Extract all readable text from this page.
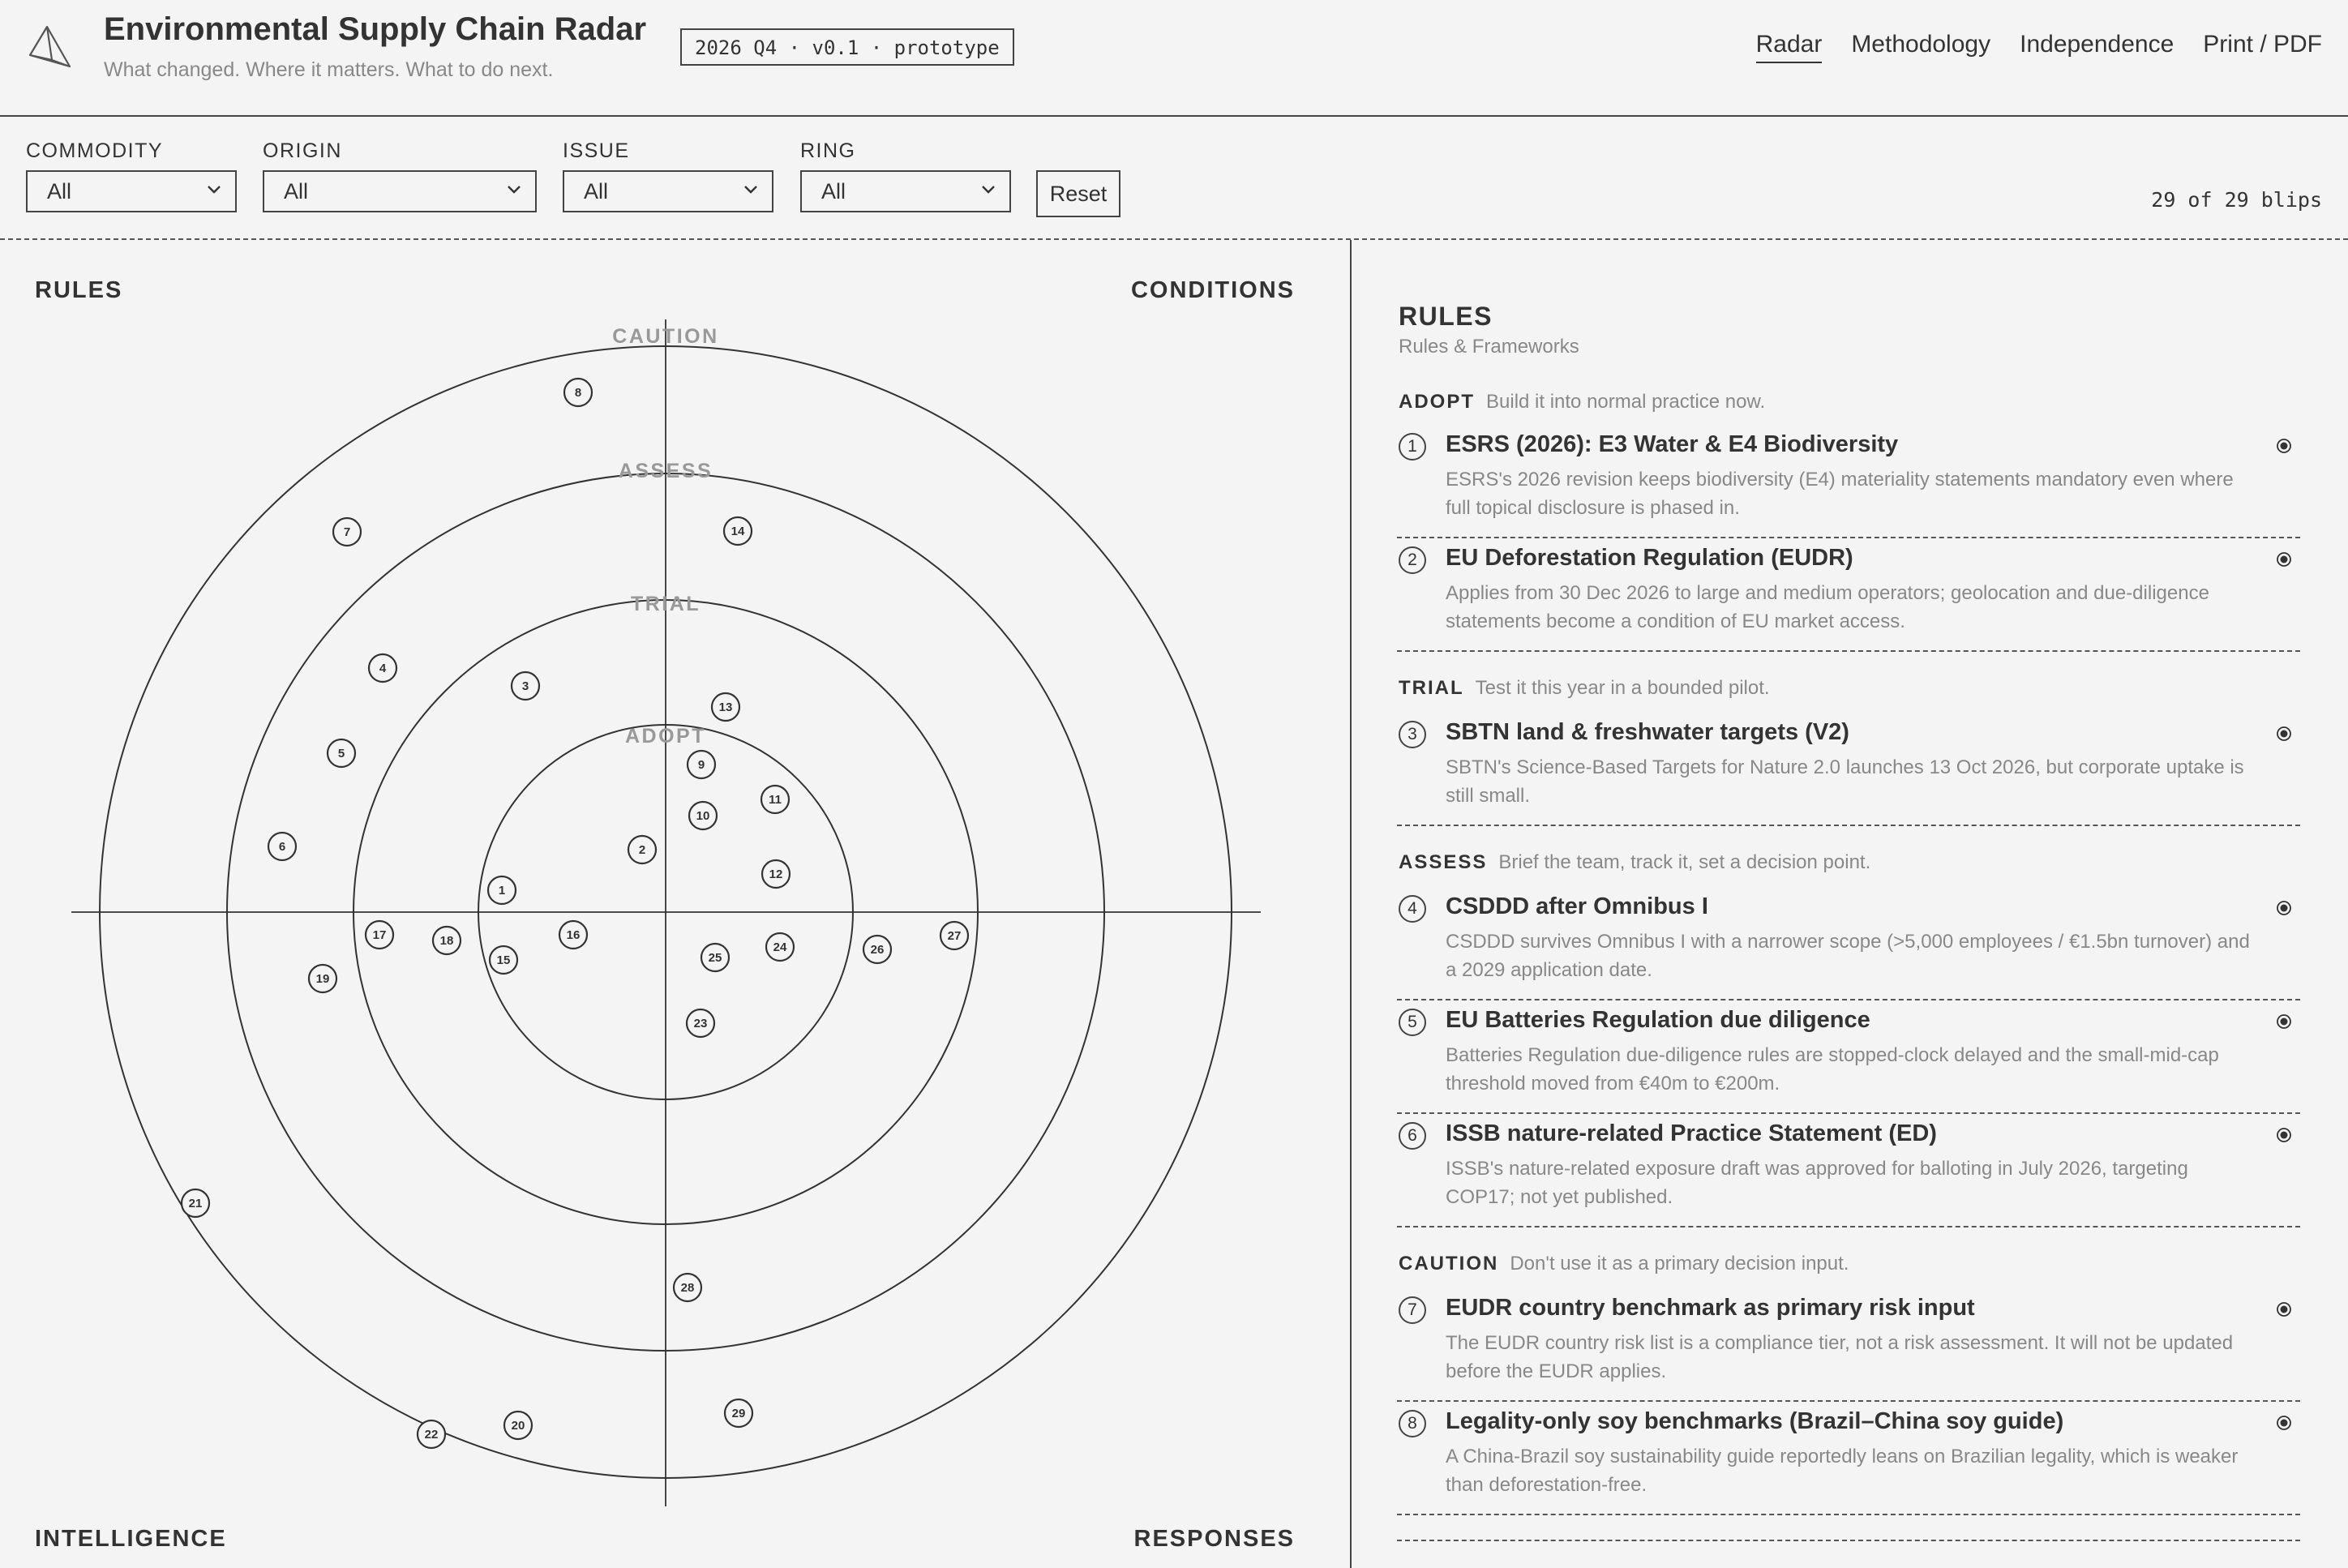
Environmental Supply Chain Radar
What changed. Where it matters. What to do next.
2026 Q4 · v0.1 · prototype	Radar Methodology Independence Print / PDF
COMMODITY
All
ORIGIN
All
ISSUE
All
RING
All	Reset	29 of 29 blips
RULES	CONDITIONS
INTELLIGENCE	RESPONSES
ADOPT
TRIAL
ASSESS
CAUTION
1
2
3
4
5
6
7
8
9
10
11
12
13
14
15
16
17	18
19
20
21
22
23
24
25
26
27
28
29
RULES
Rules & Frameworks
ADOPT Build it into normal practice now.
1	ESRS (2026): E3 Water & E4 Biodiversity
ESRS's 2026 revision keeps biodiversity (E4) materiality statements mandatory even where full topical disclosure is phased in.
2	EU Deforestation Regulation (EUDR)
Applies from 30 Dec 2026 to large and medium operators; geolocation and due-diligence statements become a condition of EU market access.
TRIAL Test it this year in a bounded pilot.
3	SBTN land & freshwater targets (V2)
SBTN's Science-Based Targets for Nature 2.0 launches 13 Oct 2026, but corporate uptake is still small.
ASSESS Brief the team, track it, set a decision point.
4	CSDDD after Omnibus I
CSDDD survives Omnibus I with a narrower scope (>5,000 employees / €1.5bn turnover) and a 2029 application date.
5	EU Batteries Regulation due diligence
Batteries Regulation due-diligence rules are stopped-clock delayed and the small-mid-cap threshold moved from €40m to €200m.
6	ISSB nature-related Practice Statement (ED)
ISSB's nature-related exposure draft was approved for balloting in July 2026, targeting COP17; not yet published.
CAUTION Don't use it as a primary decision input.
7	EUDR country benchmark as primary risk input
The EUDR country risk list is a compliance tier, not a risk assessment. It will not be updated before the EUDR applies.
8	Legality-only soy benchmarks (Brazil–China soy guide)
A China-Brazil soy sustainability guide reportedly leans on Brazilian legality, which is weaker than deforestation-free.
